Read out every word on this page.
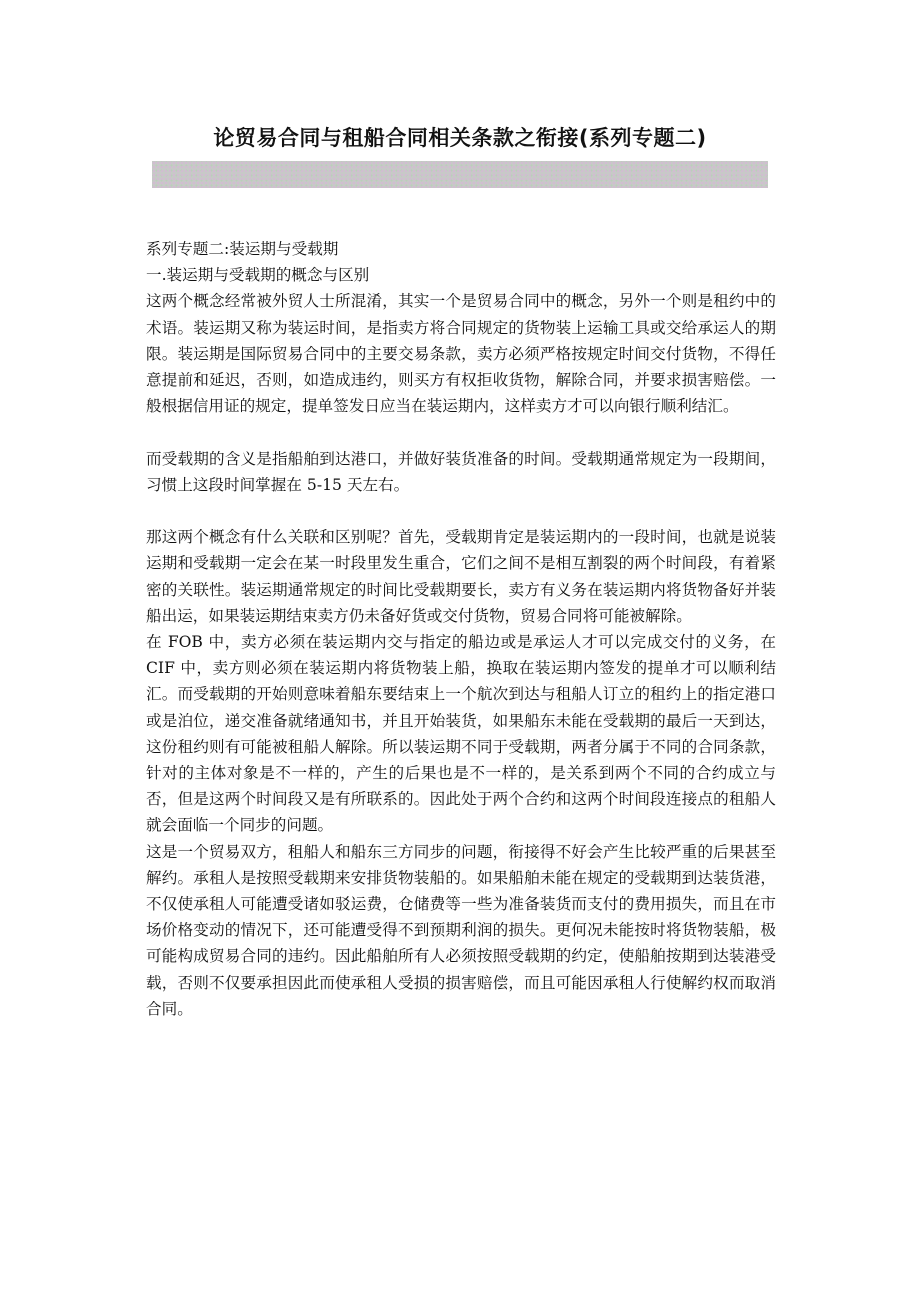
论贸易合同与租船合同相关条款之衔接(系列专题二)

系列专题二:装运期与受载期

一.装运期与受载期的概念与区别

这两个概念经常被外贸人士所混淆，其实一个是贸易合同中的概念，另外一个则是租约中的术语。装运期又称为装运时间，是指卖方将合同规定的货物装上运输工具或交给承运人的期限。装运期是国际贸易合同中的主要交易条款，卖方必须严格按规定时间交付货物，不得任意提前和延迟，否则，如造成违约，则买方有权拒收货物，解除合同，并要求损害赔偿。一般根据信用证的规定，提单签发日应当在装运期内，这样卖方才可以向银行顺利结汇。

而受载期的含义是指船舶到达港口，并做好装货准备的时间。受载期通常规定为一段期间，习惯上这段时间掌握在 5-15 天左右。

那这两个概念有什么关联和区别呢？首先，受载期肯定是装运期内的一段时间，也就是说装运期和受载期一定会在某一时段里发生重合，它们之间不是相互割裂的两个时间段，有着紧密的关联性。装运期通常规定的时间比受载期要长，卖方有义务在装运期内将货物备好并装船出运，如果装运期结束卖方仍未备好货或交付货物，贸易合同将可能被解除。

在 FOB 中，卖方必须在装运期内交与指定的船边或是承运人才可以完成交付的义务，在 CIF 中，卖方则必须在装运期内将货物装上船，换取在装运期内签发的提单才可以顺利结汇。而受载期的开始则意味着船东要结束上一个航次到达与租船人订立的租约上的指定港口或是泊位，递交准备就绪通知书，并且开始装货，如果船东未能在受载期的最后一天到达，这份租约则有可能被租船人解除。所以装运期不同于受载期，两者分属于不同的合同条款，针对的主体对象是不一样的，产生的后果也是不一样的，是关系到两个不同的合约成立与否，但是这两个时间段又是有所联系的。因此处于两个合约和这两个时间段连接点的租船人就会面临一个同步的问题。

这是一个贸易双方，租船人和船东三方同步的问题，衔接得不好会产生比较严重的后果甚至解约。承租人是按照受载期来安排货物装船的。如果船舶未能在规定的受载期到达装货港，不仅使承租人可能遭受诸如驳运费，仓储费等一些为准备装货而支付的费用损失，而且在市场价格变动的情况下，还可能遭受得不到预期利润的损失。更何况未能按时将货物装船，极可能构成贸易合同的违约。因此船舶所有人必须按照受载期的约定，使船舶按期到达装港受载，否则不仅要承担因此而使承租人受损的损害赔偿，而且可能因承租人行使解约权而取消合同。
